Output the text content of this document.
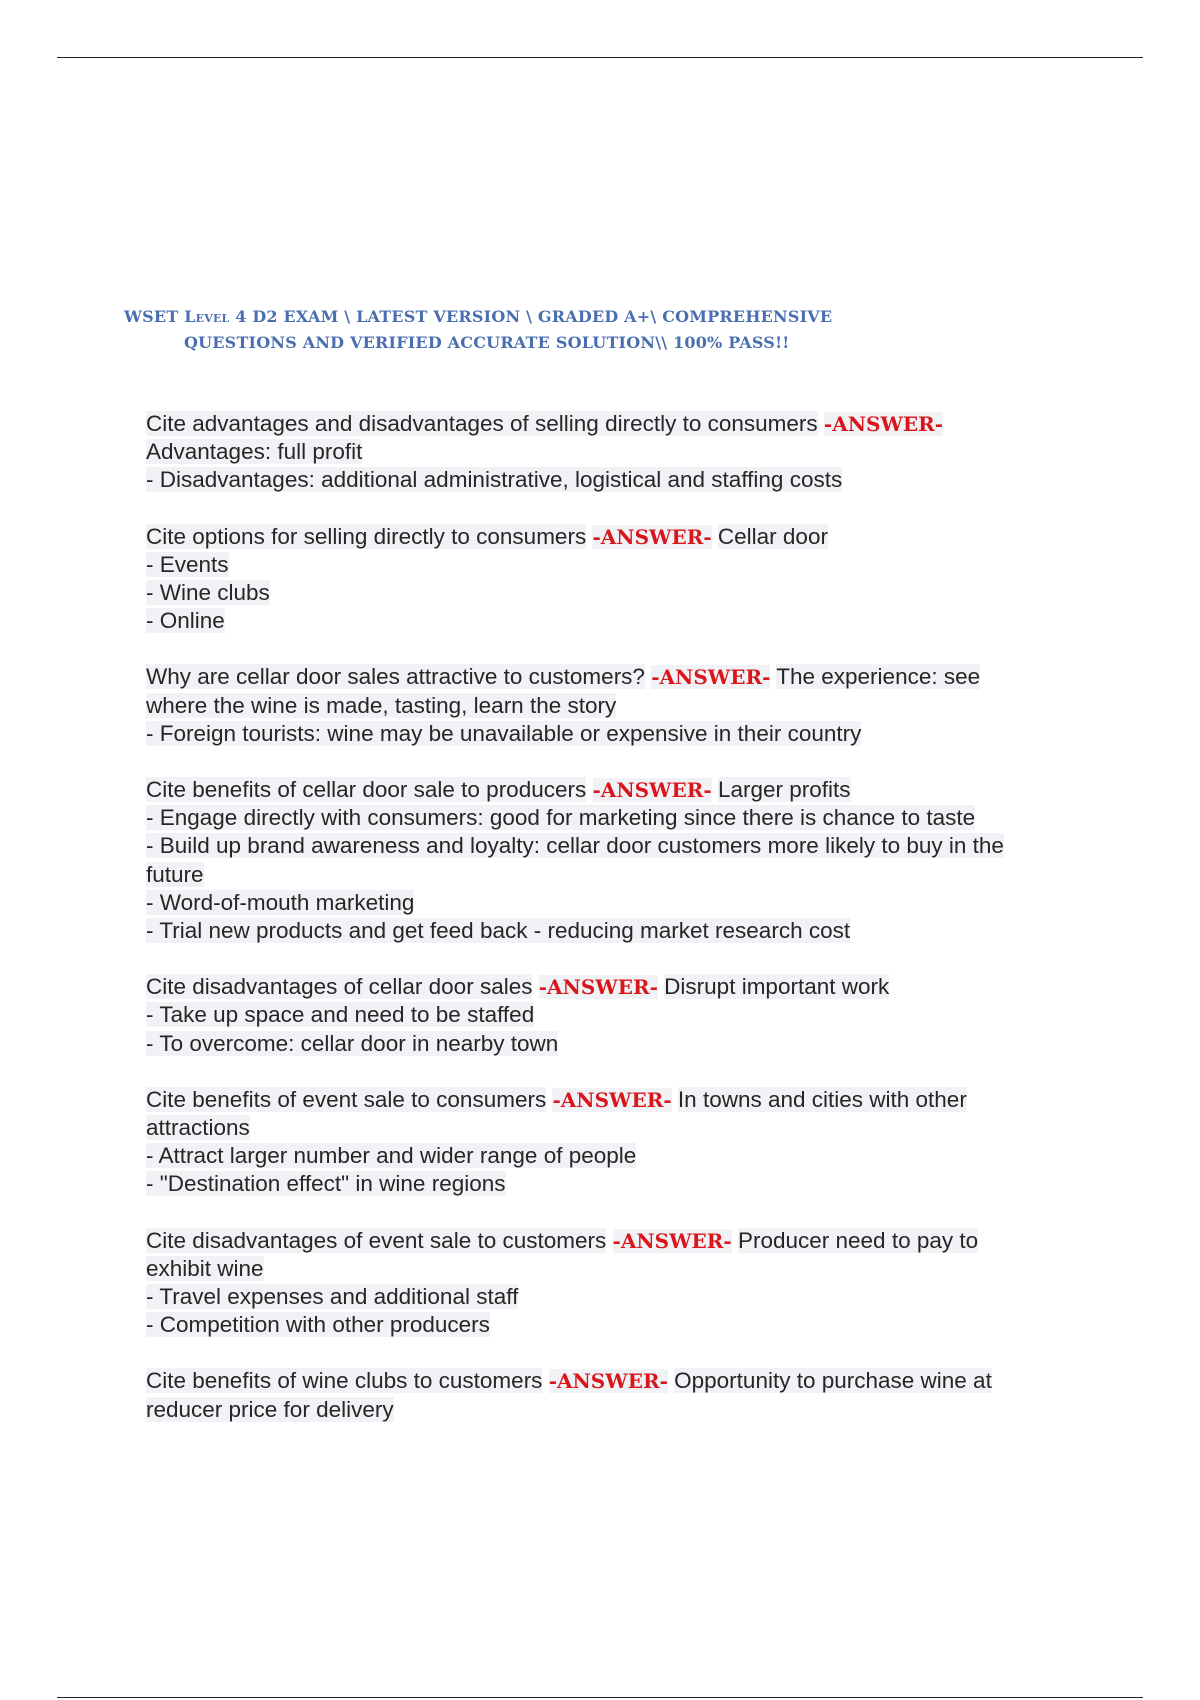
WSET Level 4 D2 EXAM \ LATEST VERSION \ GRADED A+\ COMPREHENSIVE
QUESTIONS AND VERIFIED ACCURATE SOLUTION\\ 100% PASS!!
Cite advantages and disadvantages of selling directly to consumers -ANSWER-
Advantages: full profit
- Disadvantages: additional administrative, logistical and staffing costs
Cite options for selling directly to consumers -ANSWER- Cellar door
- Events
- Wine clubs
- Online
Why are cellar door sales attractive to customers? -ANSWER- The experience: see
where the wine is made, tasting, learn the story
- Foreign tourists: wine may be unavailable or expensive in their country
Cite benefits of cellar door sale to producers -ANSWER- Larger profits
- Engage directly with consumers: good for marketing since there is chance to taste
- Build up brand awareness and loyalty: cellar door customers more likely to buy in the
future
- Word-of-mouth marketing
- Trial new products and get feed back - reducing market research cost
Cite disadvantages of cellar door sales -ANSWER- Disrupt important work
- Take up space and need to be staffed
- To overcome: cellar door in nearby town
Cite benefits of event sale to consumers -ANSWER- In towns and cities with other
attractions
- Attract larger number and wider range of people
- "Destination effect" in wine regions
Cite disadvantages of event sale to customers -ANSWER- Producer need to pay to
exhibit wine
- Travel expenses and additional staff
- Competition with other producers
Cite benefits of wine clubs to customers -ANSWER- Opportunity to purchase wine at
reducer price for delivery
